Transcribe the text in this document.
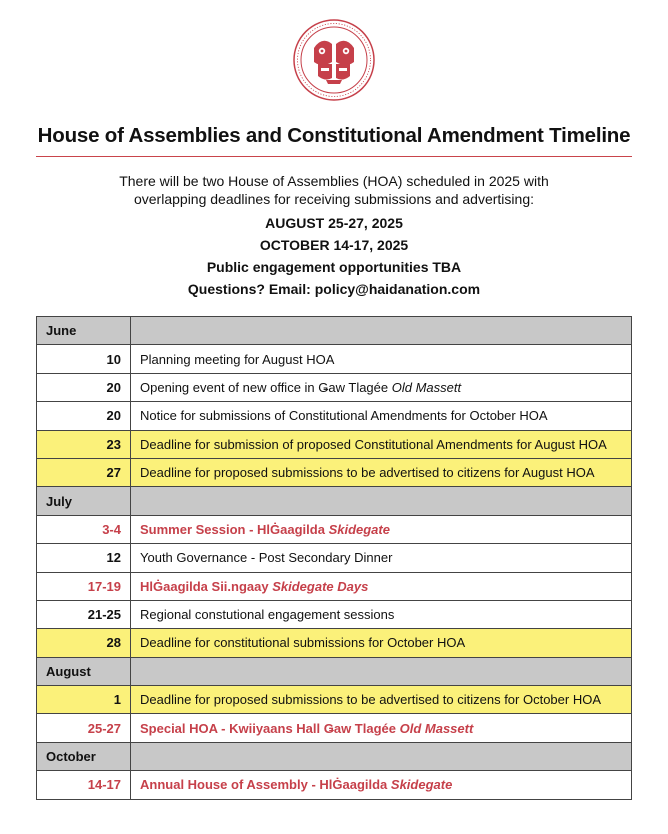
House of Assemblies and Constitutional Amendment Timeline
There will be two House of Assemblies (HOA) scheduled in 2025 with
overlapping deadlines for receiving submissions and advertising:
AUGUST 25-27, 2025
OCTOBER 14-17, 2025
Public engagement opportunities TBA
Questions? Email: policy@haidanation.com
June	
10	Planning meeting for August HOA
20	Opening event of new office in Ǥaw Tlagée Old Massett
20	Notice for submissions of Constitutional Amendments for October HOA
23	Deadline for submission of proposed Constitutional Amendments for August HOA
27	Deadline for proposed submissions to be advertised to citizens for August HOA
July	
3-4	Summer Session - HlĠaagilda Skidegate
12	Youth Governance - Post Secondary Dinner
17-19	HlĠaagilda Sii.ngaay Skidegate Days
21-25	Regional constutional engagement sessions
28	Deadline for constitutional submissions for October HOA
August	
1	Deadline for proposed submissions to be advertised to citizens for October HOA
25-27	Special HOA - Kwiiyaans Hall Ǥaw Tlagée Old Massett
October	
14-17	Annual House of Assembly - HlĠaagilda Skidegate
